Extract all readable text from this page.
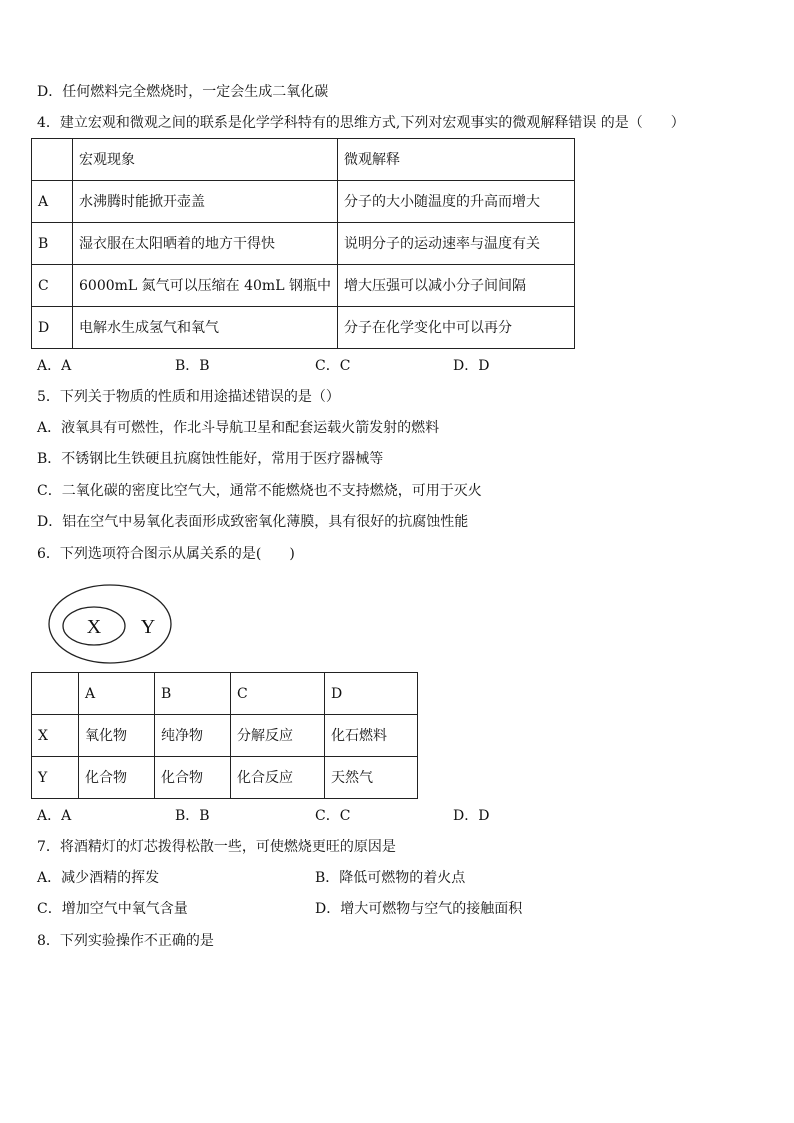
D．任何燃料完全燃烧时，一定会生成二氧化碳
4．建立宏观和微观之间的联系是化学学科特有的思维方式,下列对宏观事实的微观解释错误 的是（　　）
	宏观现象	微观解释
A	水沸腾时能掀开壶盖	分子的大小随温度的升高而增大
B	湿衣服在太阳晒着的地方干得快	说明分子的运动速率与温度有关
C	6000mL 氮气可以压缩在 40mL 钢瓶中	增大压强可以减小分子间间隔
D	电解水生成氢气和氧气	分子在化学变化中可以再分
A．A	B．B	C．C	D．D
5．下列关于物质的性质和用途描述错误的是（）
A．液氧具有可燃性，作北斗导航卫星和配套运载火箭发射的燃料
B．不锈钢比生铁硬且抗腐蚀性能好，常用于医疗器械等
C．二氧化碳的密度比空气大，通常不能燃烧也不支持燃烧，可用于灭火
D．铝在空气中易氧化表面形成致密氧化薄膜，具有很好的抗腐蚀性能
6．下列选项符合图示从属关系的是(　　)
X Y
	A	B	C	D
X	氧化物	纯净物	分解反应	化石燃料
Y	化合物	化合物	化合反应	天然气
A．A	B．B	C．C	D．D
7．将酒精灯的灯芯拨得松散一些，可使燃烧更旺的原因是
A．减少酒精的挥发	B．降低可燃物的着火点
C．增加空气中氧气含量	D．增大可燃物与空气的接触面积
8．下列实验操作不正确的是
